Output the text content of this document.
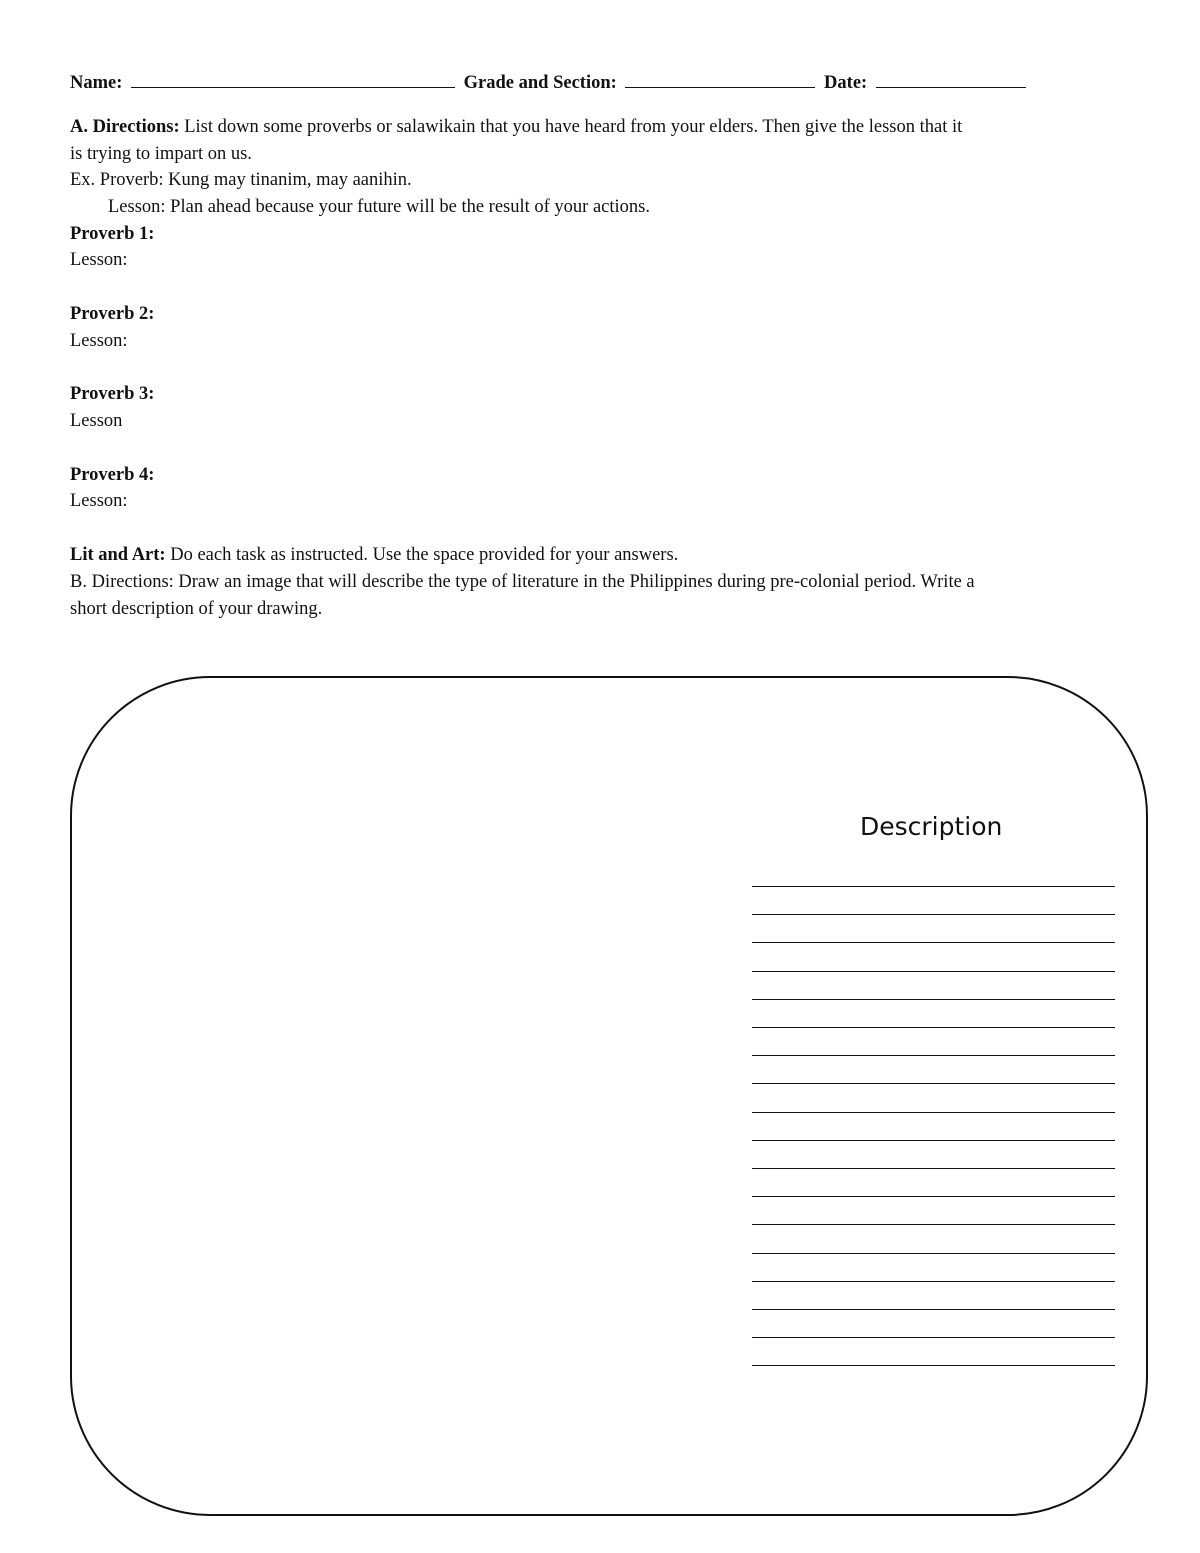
Name:	Grade and Section:	Date:
A. Directions: List down some proverbs or salawikain that you have heard from your elders. Then give the lesson that it
is trying to impart on us.
Ex. Proverb: Kung may tinanim, may aanihin.
Lesson: Plan ahead because your future will be the result of your actions.
Proverb 1:
Lesson:
Proverb 2:
Lesson:
Proverb 3:
Lesson
Proverb 4:
Lesson:
Lit and Art: Do each task as instructed. Use the space provided for your answers.
B. Directions: Draw an image that will describe the type of literature in the Philippines during pre-colonial period. Write a
short description of your drawing.
Description
